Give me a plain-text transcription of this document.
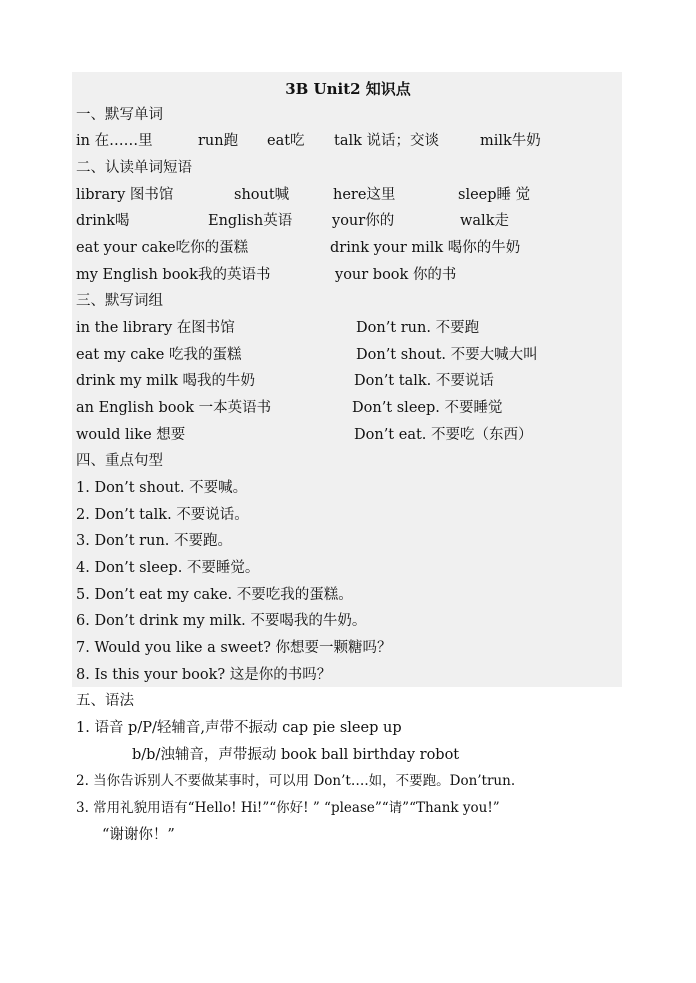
3B Unit2 知识点
一、默写单词
in 在……里	run跑 eat吃 talk 说话；交谈	milk牛奶
二、认读单词短语
library 图书馆	shout喊	here这里	sleep睡 觉
drink喝	English英语	your你的	walk走
eat your cake吃你的蛋糕	drink your milk 喝你的牛奶
my English book我的英语书	your book 你的书
三、默写词组
in the library 在图书馆	Don’t run. 不要跑
eat my cake 吃我的蛋糕	Don’t shout. 不要大喊大叫
drink my milk 喝我的牛奶	Don’t talk. 不要说话
an English book 一本英语书	Don’t sleep. 不要睡觉
would like 想要	Don’t eat. 不要吃（东西）
四、重点句型
1. Don’t shout. 不要喊。
2. Don’t talk. 不要说话。
3. Don’t run. 不要跑。
4. Don’t sleep. 不要睡觉。
5. Don’t eat my cake. 不要吃我的蛋糕。
6. Don’t drink my milk. 不要喝我的牛奶。
7. Would you like a sweet? 你想要一颗糖吗？
8. Is this your book? 这是你的书吗？
五、语法
1. 语音 p/P/轻辅音,声带不振动 cap pie sleep up
b/b/浊辅音，声带振动 book ball birthday robot
2. 当你告诉别人不要做某事时，可以用 Don’t….如，不要跑。Don’trun.
3. 常用礼貌用语有“Hello! Hi!”“你好! ” “please”“请”“Thank you!”
“谢谢你！”
